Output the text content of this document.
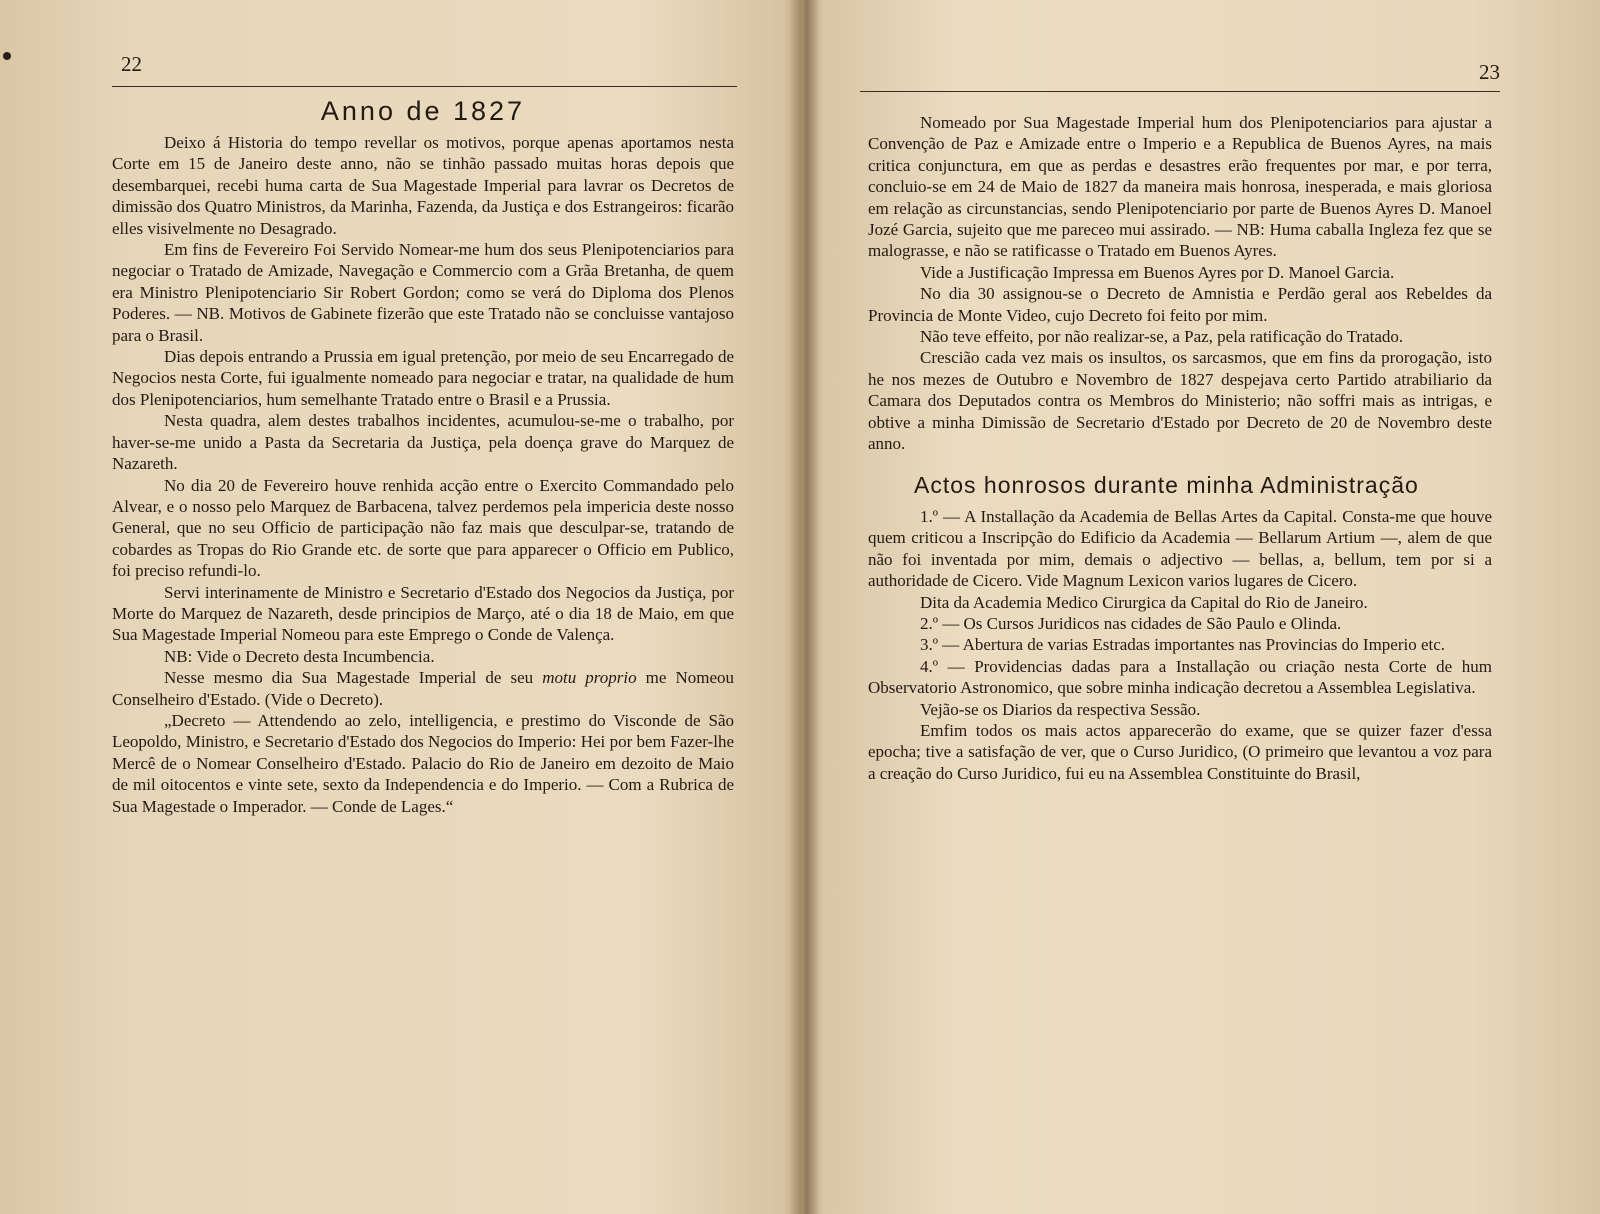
22
Anno de 1827

Deixo á Historia do tempo revellar os motivos, porque apenas aportamos nesta Corte em 15 de Janeiro deste anno, não se tinhão passado muitas horas depois que desembarquei, recebi huma carta de Sua Magestade Imperial para lavrar os Decretos de dimissão dos Quatro Ministros, da Marinha, Fazenda, da Justiça e dos Estrangeiros: ficarão elles visivelmente no Desagrado.

Em fins de Fevereiro Foi Servido Nomear-me hum dos seus Plenipotenciarios para negociar o Tratado de Amizade, Navegação e Commercio com a Grãa Bretanha, de quem era Ministro Plenipotenciario Sir Robert Gordon; como se verá do Diploma dos Plenos Poderes. — NB. Motivos de Gabinete fizerão que este Tratado não se concluisse vantajoso para o Brasil.

Dias depois entrando a Prussia em igual pretenção, por meio de seu Encarregado de Negocios nesta Corte, fui igualmente nomeado para negociar e tratar, na qualidade de hum dos Plenipotenciarios, hum semelhante Tratado entre o Brasil e a Prussia.

Nesta quadra, alem destes trabalhos incidentes, acumulou-se-me o trabalho, por haver-se-me unido a Pasta da Secretaria da Justiça, pela doença grave do Marquez de Nazareth.

No dia 20 de Fevereiro houve renhida acção entre o Exercito Commandado pelo Alvear, e o nosso pelo Marquez de Barbacena, talvez perdemos pela impericia deste nosso General, que no seu Officio de participação não faz mais que desculpar-se, tratando de cobardes as Tropas do Rio Grande etc. de sorte que para apparecer o Officio em Publico, foi preciso refundi-lo.

Servi interinamente de Ministro e Secretario d'Estado dos Negocios da Justiça, por Morte do Marquez de Nazareth, desde principios de Março, até o dia 18 de Maio, em que Sua Magestade Imperial Nomeou para este Emprego o Conde de Valença.

NB: Vide o Decreto desta Incumbencia.

Nesse mesmo dia Sua Magestade Imperial de seu motu proprio me Nomeou Conselheiro d'Estado. (Vide o Decreto).

„Decreto — Attendendo ao zelo, intelligencia, e prestimo do Visconde de São Leopoldo, Ministro, e Secretario d'Estado dos Negocios do Imperio: Hei por bem Fazer-lhe Mercê de o Nomear Conselheiro d'Estado. Palacio do Rio de Janeiro em dezoito de Maio de mil oitocentos e vinte sete, sexto da Independencia e do Imperio. — Com a Rubrica de Sua Magestade o Imperador. — Conde de Lages.“

23

Nomeado por Sua Magestade Imperial hum dos Plenipotenciarios para ajustar a Convenção de Paz e Amizade entre o Imperio e a Republica de Buenos Ayres, na mais critica conjunctura, em que as perdas e desastres erão frequentes por mar, e por terra, concluio-se em 24 de Maio de 1827 da maneira mais honrosa, inesperada, e mais gloriosa em relação as circunstancias, sendo Plenipotenciario por parte de Buenos Ayres D. Manoel Jozé Garcia, sujeito que me pareceo mui assirado. — NB: Huma caballa Ingleza fez que se malograsse, e não se ratificasse o Tratado em Buenos Ayres.

Vide a Justificação Impressa em Buenos Ayres por D. Manoel Garcia.

No dia 30 assignou-se o Decreto de Amnistia e Perdão geral aos Rebeldes da Provincia de Monte Video, cujo Decreto foi feito por mim.

Não teve effeito, por não realizar-se, a Paz, pela ratificação do Tratado.

Crescião cada vez mais os insultos, os sarcasmos, que em fins da prorogação, isto he nos mezes de Outubro e Novembro de 1827 despejava certo Partido atrabiliario da Camara dos Deputados contra os Membros do Ministerio; não soffri mais as intrigas, e obtive a minha Dimissão de Secretario d'Estado por Decreto de 20 de Novembro deste anno.

Actos honrosos durante minha Administração

1.º — A Installação da Academia de Bellas Artes da Capital. Consta-me que houve quem criticou a Inscripção do Edificio da Academia — Bellarum Artium —, alem de que não foi inventada por mim, demais o adjectivo — bellas, a, bellum, tem por si a authoridade de Cicero. Vide Magnum Lexicon varios lugares de Cicero.

Dita da Academia Medico Cirurgica da Capital do Rio de Janeiro.

2.º — Os Cursos Juridicos nas cidades de São Paulo e Olinda.

3.º — Abertura de varias Estradas importantes nas Provincias do Imperio etc.

4.º — Providencias dadas para a Installação ou criação nesta Corte de hum Observatorio Astronomico, que sobre minha indicação decretou a Assemblea Legislativa.

Vejão-se os Diarios da respectiva Sessão.

Emfim todos os mais actos apparecerão do exame, que se quizer fazer d'essa epocha; tive a satisfação de ver, que o Curso Juridico, (O primeiro que levantou a voz para a creação do Curso Juridico, fui eu na Assemblea Constituinte do Brasil,
